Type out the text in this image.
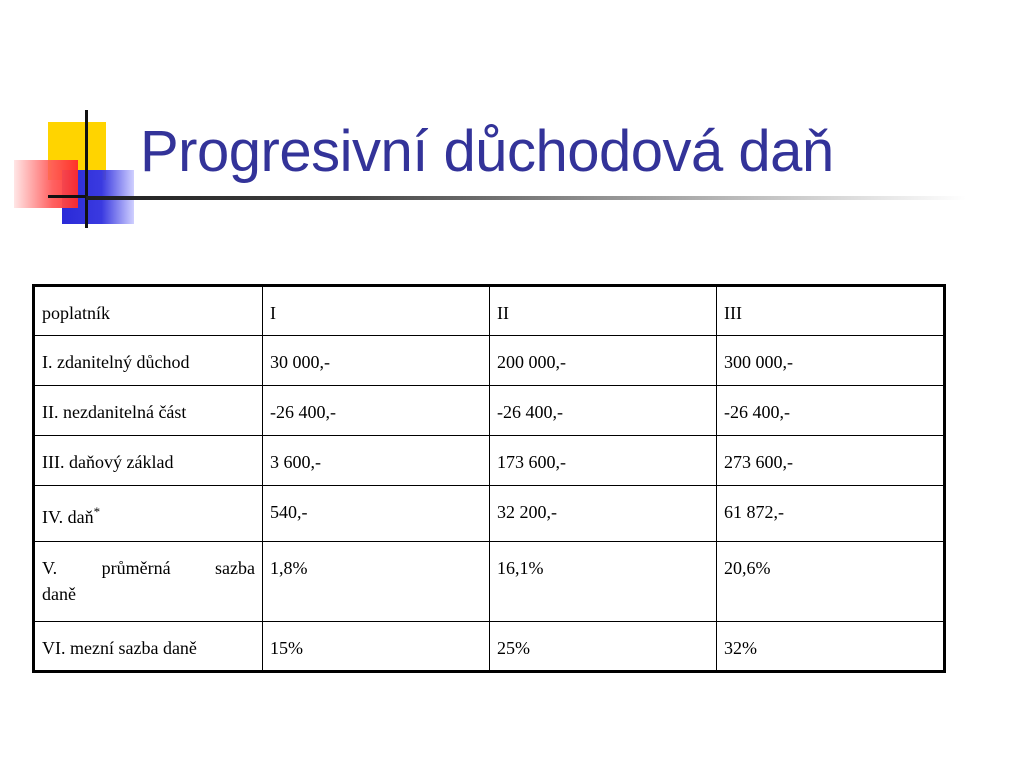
Progresivní důchodová daň
poplatník	I	II	III

I. zdanitelný důchod	30 000,-	200 000,-	300 000,-

II. nezdanitelná část	-26 400,-	-26 400,-	-26 400,-

III. daňový základ	3 600,-	173 600,-	273 600,-

IV. daň*	540,-	32 200,-	61 872,-

V. průměrná sazba
daně	1,8%	16,1%	20,6%

VI. mezní sazba daně	15%	25%	32%
